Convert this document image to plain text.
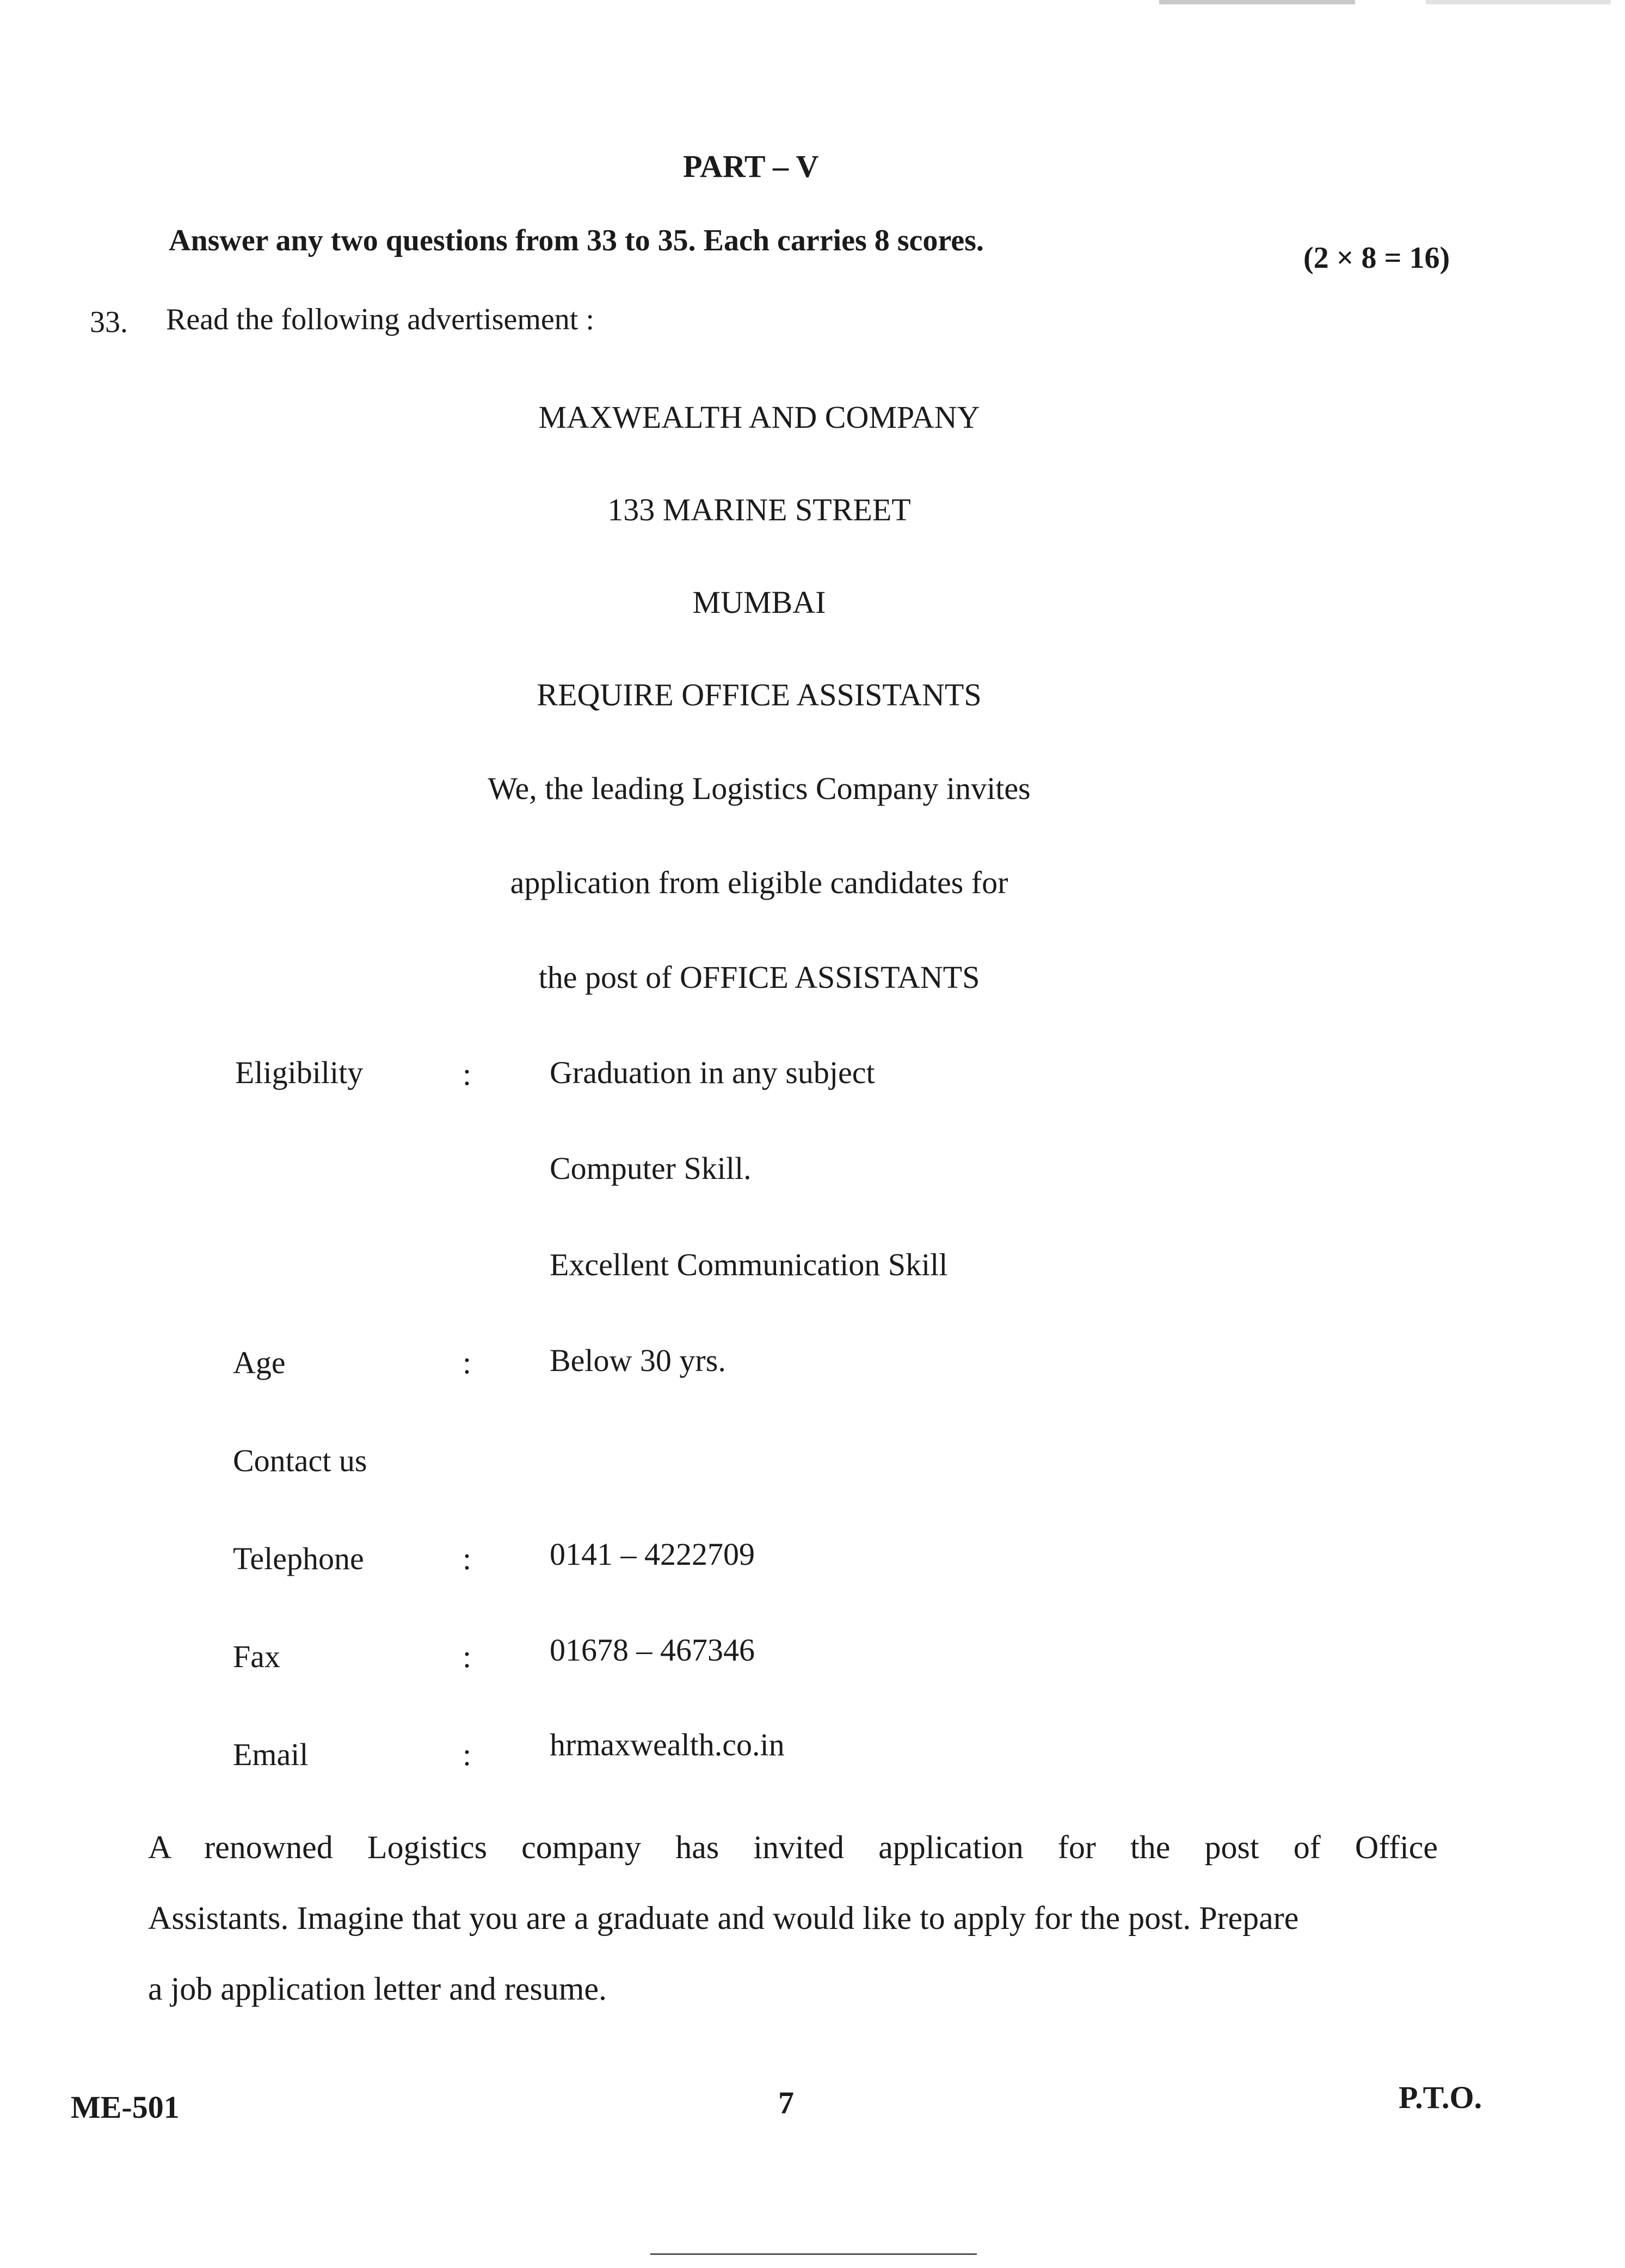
PART – V
Answer any two questions from 33 to 35. Each carries 8 scores.
(2 × 8 = 16)
33. Read the following advertisement :
MAXWEALTH AND COMPANY
133 MARINE STREET
MUMBAI
REQUIRE OFFICE ASSISTANTS
We, the leading Logistics Company invites
application from eligible candidates for
the post of OFFICE ASSISTANTS
Eligibility	: Graduation in any subject
Computer Skill.
Excellent Communication Skill
Age	: Below 30 yrs.
Contact us
Telephone	: 0141 – 4222709
Fax	: 01678 – 467346
Email	: hrmaxwealth.co.in
A renowned Logistics company has invited application for the post of Office
Assistants. Imagine that you are a graduate and would like to apply for the post. Prepare
a job application letter and resume.
ME-501	7	P.T.O.
